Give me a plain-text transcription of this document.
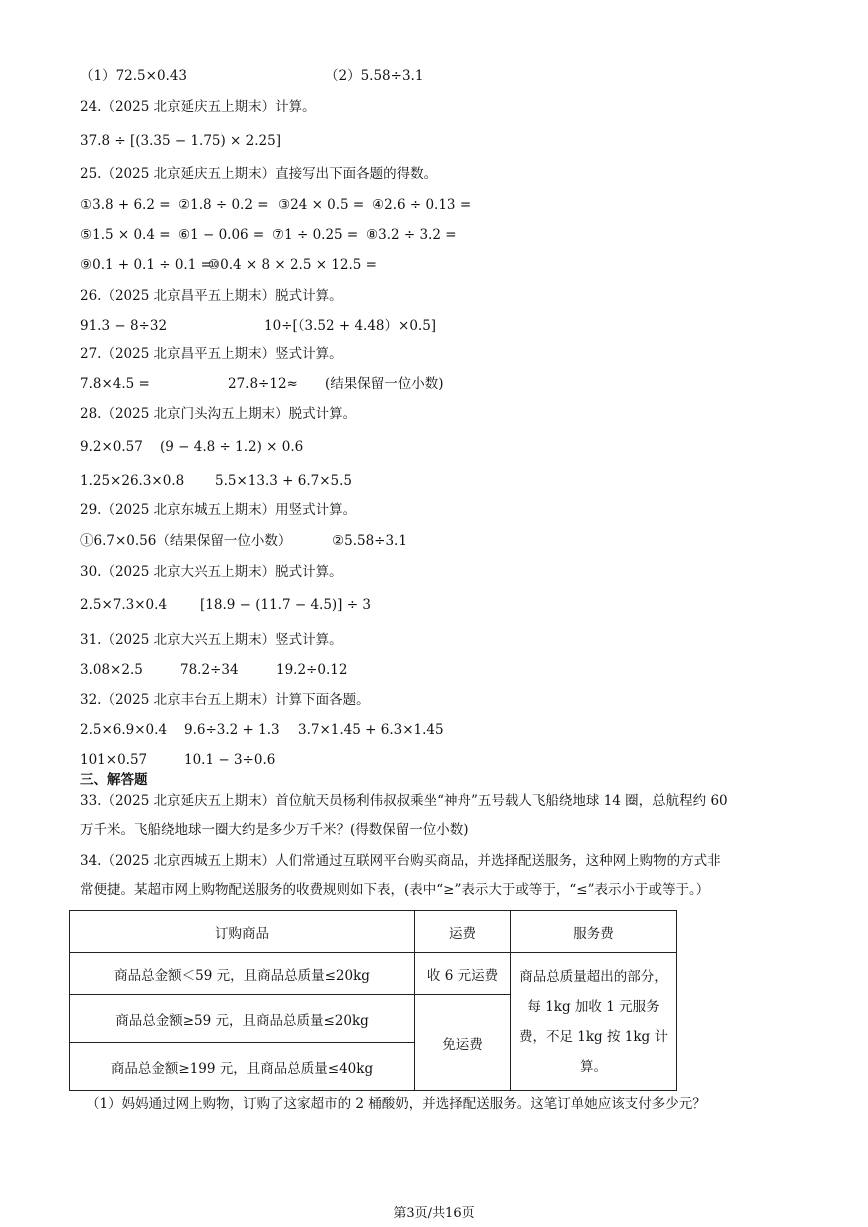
（1）72.5×0.43	（2）5.58÷3.1
24.（2025 北京延庆五上期末）计算。
37.8 ÷ [(3.35 − 1.75) × 2.25]
25.（2025 北京延庆五上期末）直接写出下面各题的得数。
①3.8 + 6.2 = ②1.8 ÷ 0.2 = ③24 × 0.5 = ④2.6 ÷ 0.13 =
⑤1.5 × 0.4 = ⑥1 − 0.06 = ⑦1 ÷ 0.25 = ⑧3.2 ÷ 3.2 =
⑨0.1 + 0.1 ÷ 0.1 =
⑩0.4 × 8 × 2.5 × 12.5 =
26.（2025 北京昌平五上期末）脱式计算。
91.3 − 8÷32	10÷[（3.52 + 4.48）×0.5]
27.（2025 北京昌平五上期末）竖式计算。
7.8×4.5 =	27.8÷12≈ (结果保留一位小数)
28.（2025 北京门头沟五上期末）脱式计算。
9.2×0.57 (9 − 4.8 ÷ 1.2) × 0.6
1.25×26.3×0.8 5.5×13.3 + 6.7×5.5
29.（2025 北京东城五上期末）用竖式计算。
①6.7×0.56（结果保留一位小数）	②5.58÷3.1
30.（2025 北京大兴五上期末）脱式计算。
2.5×7.3×0.4 [18.9 − (11.7 − 4.5)] ÷ 3
31.（2025 北京大兴五上期末）竖式计算。
3.08×2.5	78.2÷34	19.2÷0.12
32.（2025 北京丰台五上期末）计算下面各题。
2.5×6.9×0.4 9.6÷3.2 + 1.3 3.7×1.45 + 6.3×1.45
101×0.57	10.1 − 3÷0.6
三、解答题
33.（2025 北京延庆五上期末）首位航天员杨利伟叔叔乘坐“神舟”五号载人飞船绕地球 14 圈，总航程约 60
万千米。飞船绕地球一圈大约是多少万千米？(得数保留一位小数)
34.（2025 北京西城五上期末）人们常通过互联网平台购买商品，并选择配送服务，这种网上购物的方式非
常便捷。某超市网上购物配送服务的收费规则如下表，(表中“≥”表示大于或等于，“≤”表示小于或等于。）
（1）妈妈通过网上购物，订购了这家超市的 2 桶酸奶，并选择配送服务。这笔订单她应该支付多少元？
订购商品	运费	服务费
商品总金额＜59 元，且商品总质量≤20kg	收 6 元运费	商品总质量超出的部分，每 1kg 加收 1 元服务费，不足 1kg 按 1kg 计算。
商品总金额≥59 元，且商品总质量≤20kg	免运费	
商品总金额≥199 元，且商品总质量≤40kg		
第3页/共16页
